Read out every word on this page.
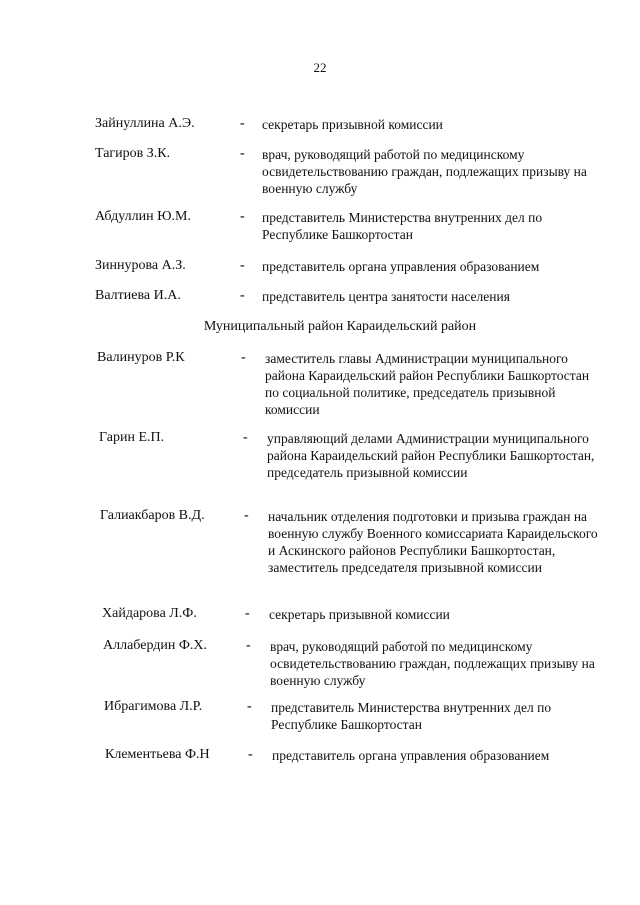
22
Зайнуллина А.Э.	- секретарь призывной комиссии
Тагиров З.К.	- врач, руководящий работой по медицинскому освидетельствованию граждан, подлежащих призыву на военную службу
Абдуллин Ю.М.	- представитель Министерства внутренних дел по Республике Башкортостан
Зиннурова А.З.	- представитель органа управления образованием
Валтиева И.А.	- представитель центра занятости населения
Муниципальный район Караидельский район
Валинуров Р.К	- заместитель главы Администрации муниципального района Караидельский район Республики Башкортостан по социальной политике, председатель призывной комиссии
Гарин Е.П.	- управляющий делами Администрации муниципального района Караидельский район Республики Башкортостан, председатель призывной комиссии
Галиакбаров В.Д.	- начальник отделения подготовки и призыва граждан на военную службу Военного комиссариата Караидельского и Аскинского районов Республики Башкортостан, заместитель председателя призывной комиссии
Хайдарова Л.Ф.	- секретарь призывной комиссии
Аллабердин Ф.Х.	- врач, руководящий работой по медицинскому освидетельствованию граждан, подлежащих призыву на военную службу
Ибрагимова Л.Р.	- представитель Министерства внутренних дел по Республике Башкортостан
Клементьева Ф.Н	- представитель органа управления образованием
